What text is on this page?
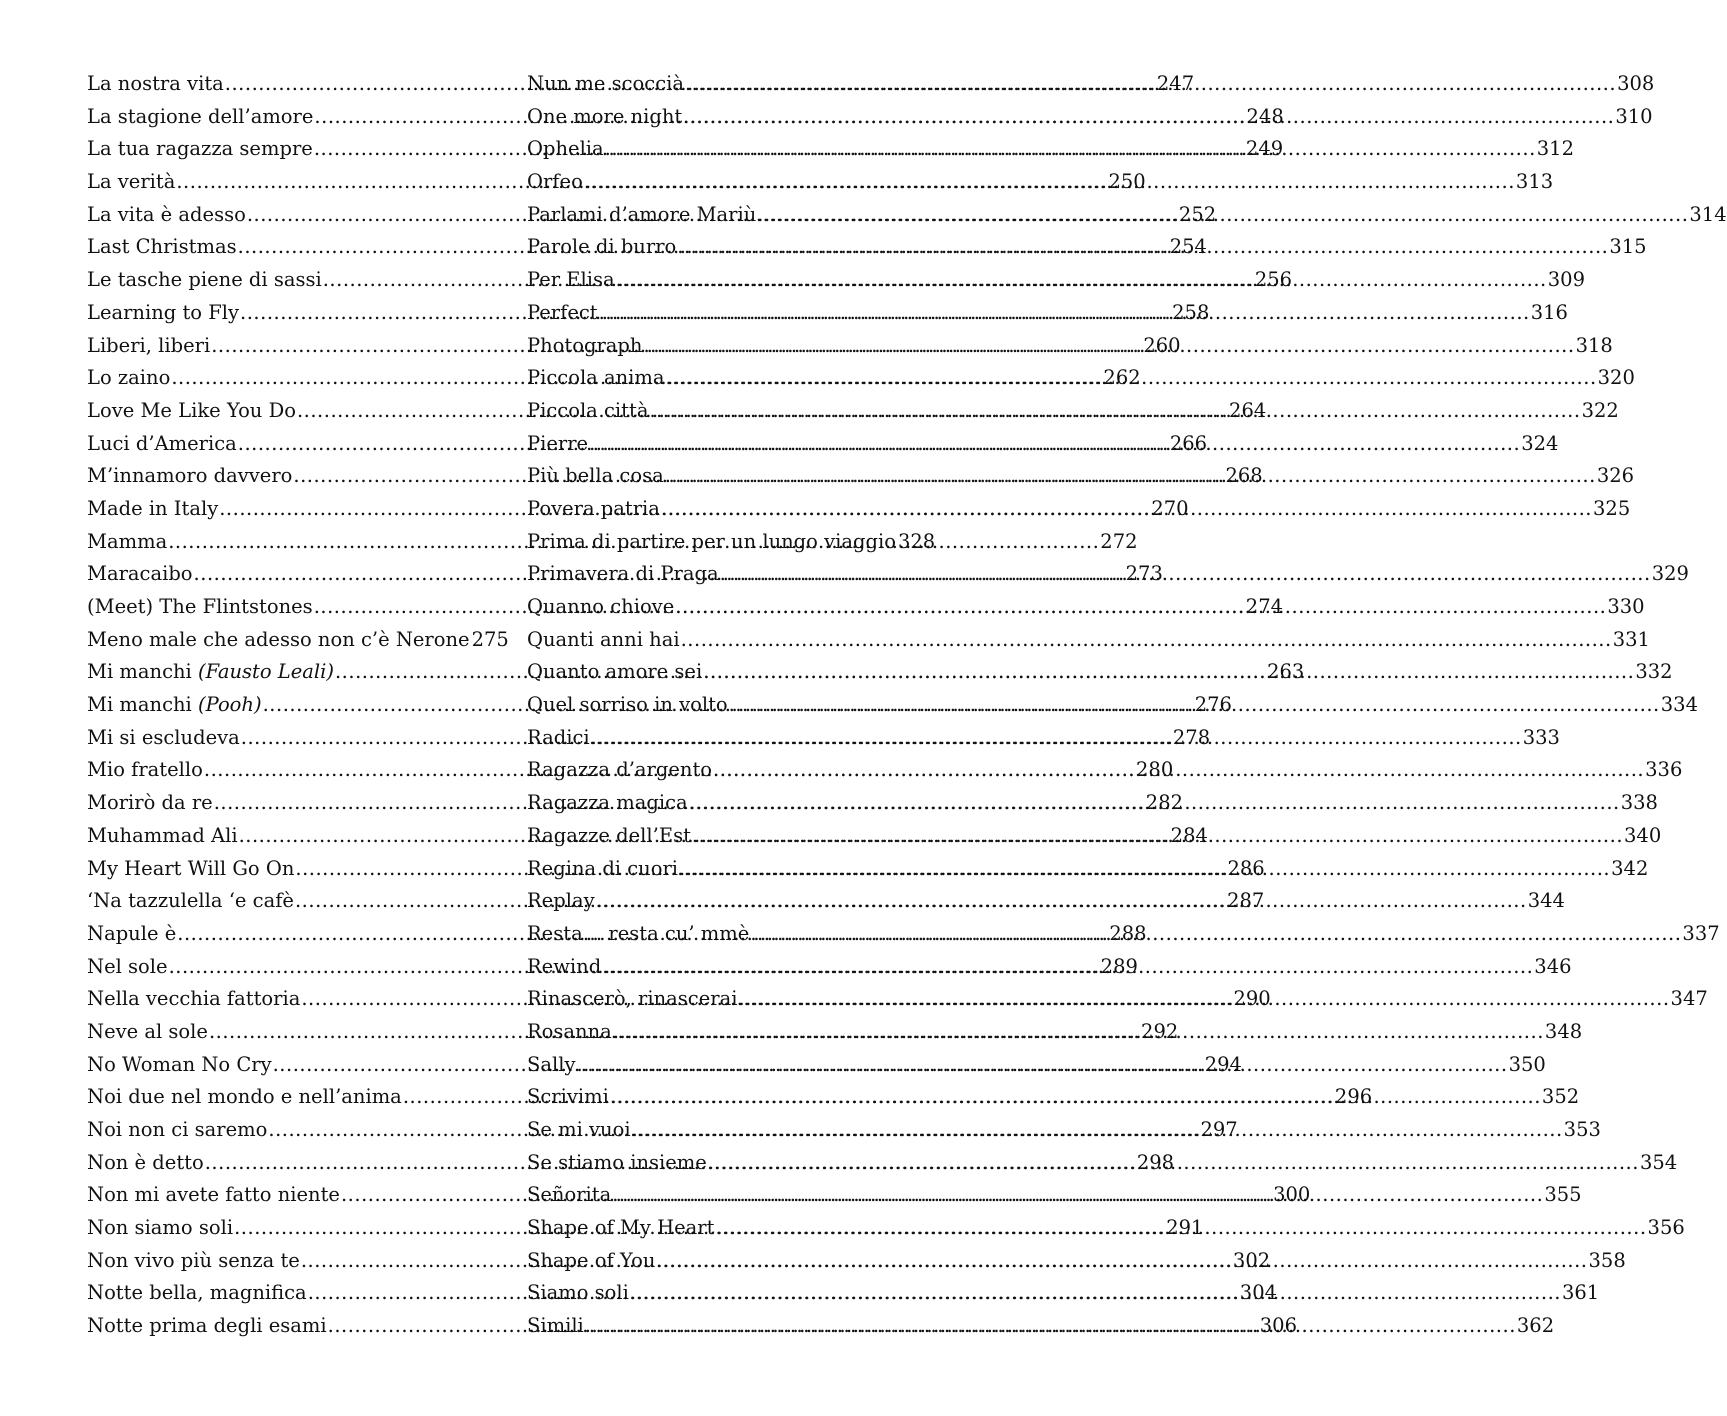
La nostra vita .....	247
La stagione dell’amore .....	248
La tua ragazza sempre .....	249
La verità .....	250
La vita è adesso .....	252
Last Christmas .....	254
Le tasche piene di sassi .....	256
Learning to Fly .....	258
Liberi, liberi .....	260
Lo zaino .....	262
Love Me Like You Do .....	264
Luci d’America .....	266
M’innamoro davvero .....	268
Made in Italy .....	270
Mamma .....	272
Maracaibo .....	273
(Meet) The Flintstones .....	274
Meno male che adesso non c’è Nerone 275
Mi manchi (Fausto Leali) .....	263
Mi manchi (Pooh) .....	276
Mi si escludeva .....	278
Mio fratello .....	280
Morirò da re .....	282
Muhammad Ali .....	284
My Heart Will Go On .....	286
‘Na tazzulella ‘e cafè .....	287
Napule è .....	288
Nel sole .....	289
Nella vecchia fattoria .....	290
Neve al sole .....	292
No Woman No Cry .....	294
Noi due nel mondo e nell’anima .....	296
Noi non ci saremo .....	297
Non è detto .....	298
Non mi avete fatto niente .....	300
Non siamo soli .....	291
Non vivo più senza te .....	302
Notte bella, magnifica .....	304
Notte prima degli esami .....	306
Nun me scoccià .....	308
One more night .....	310
Ophelia .....	312
Orfeo .....	313
Parlami d’amore Mariù .....	314
Parole di burro .....	315
Per Elisa .....	309
Perfect .....	316
Photograph .....	318
Piccola anima .....	320
Piccola città .....	322
Pierre .....	324
Più bella cosa .....	326
Povera patria .....	325
Prima di partire per un lungo viaggio 328
Primavera di Praga .....	329
Quanno chiove .....	330
Quanti anni hai .....	331
Quanto amore sei .....	332
Quel sorriso in volto .....	334
Radici .....	333
Ragazza d’argento .....	336
Ragazza magica .....	338
Ragazze dell’Est .....	340
Regina di cuori .....	342
Replay .....	344
Resta… resta cu’ mmè .....	337
Rewind .....	346
Rinascerò, rinascerai .....	347
Rosanna .....	348
Sally .....	350
Scrivimi .....	352
Se mi vuoi .....	353
Se stiamo insieme .....	354
Señorita .....	355
Shape of My Heart .....	356
Shape of You .....	358
Siamo soli .....	361
Simili .....	362
